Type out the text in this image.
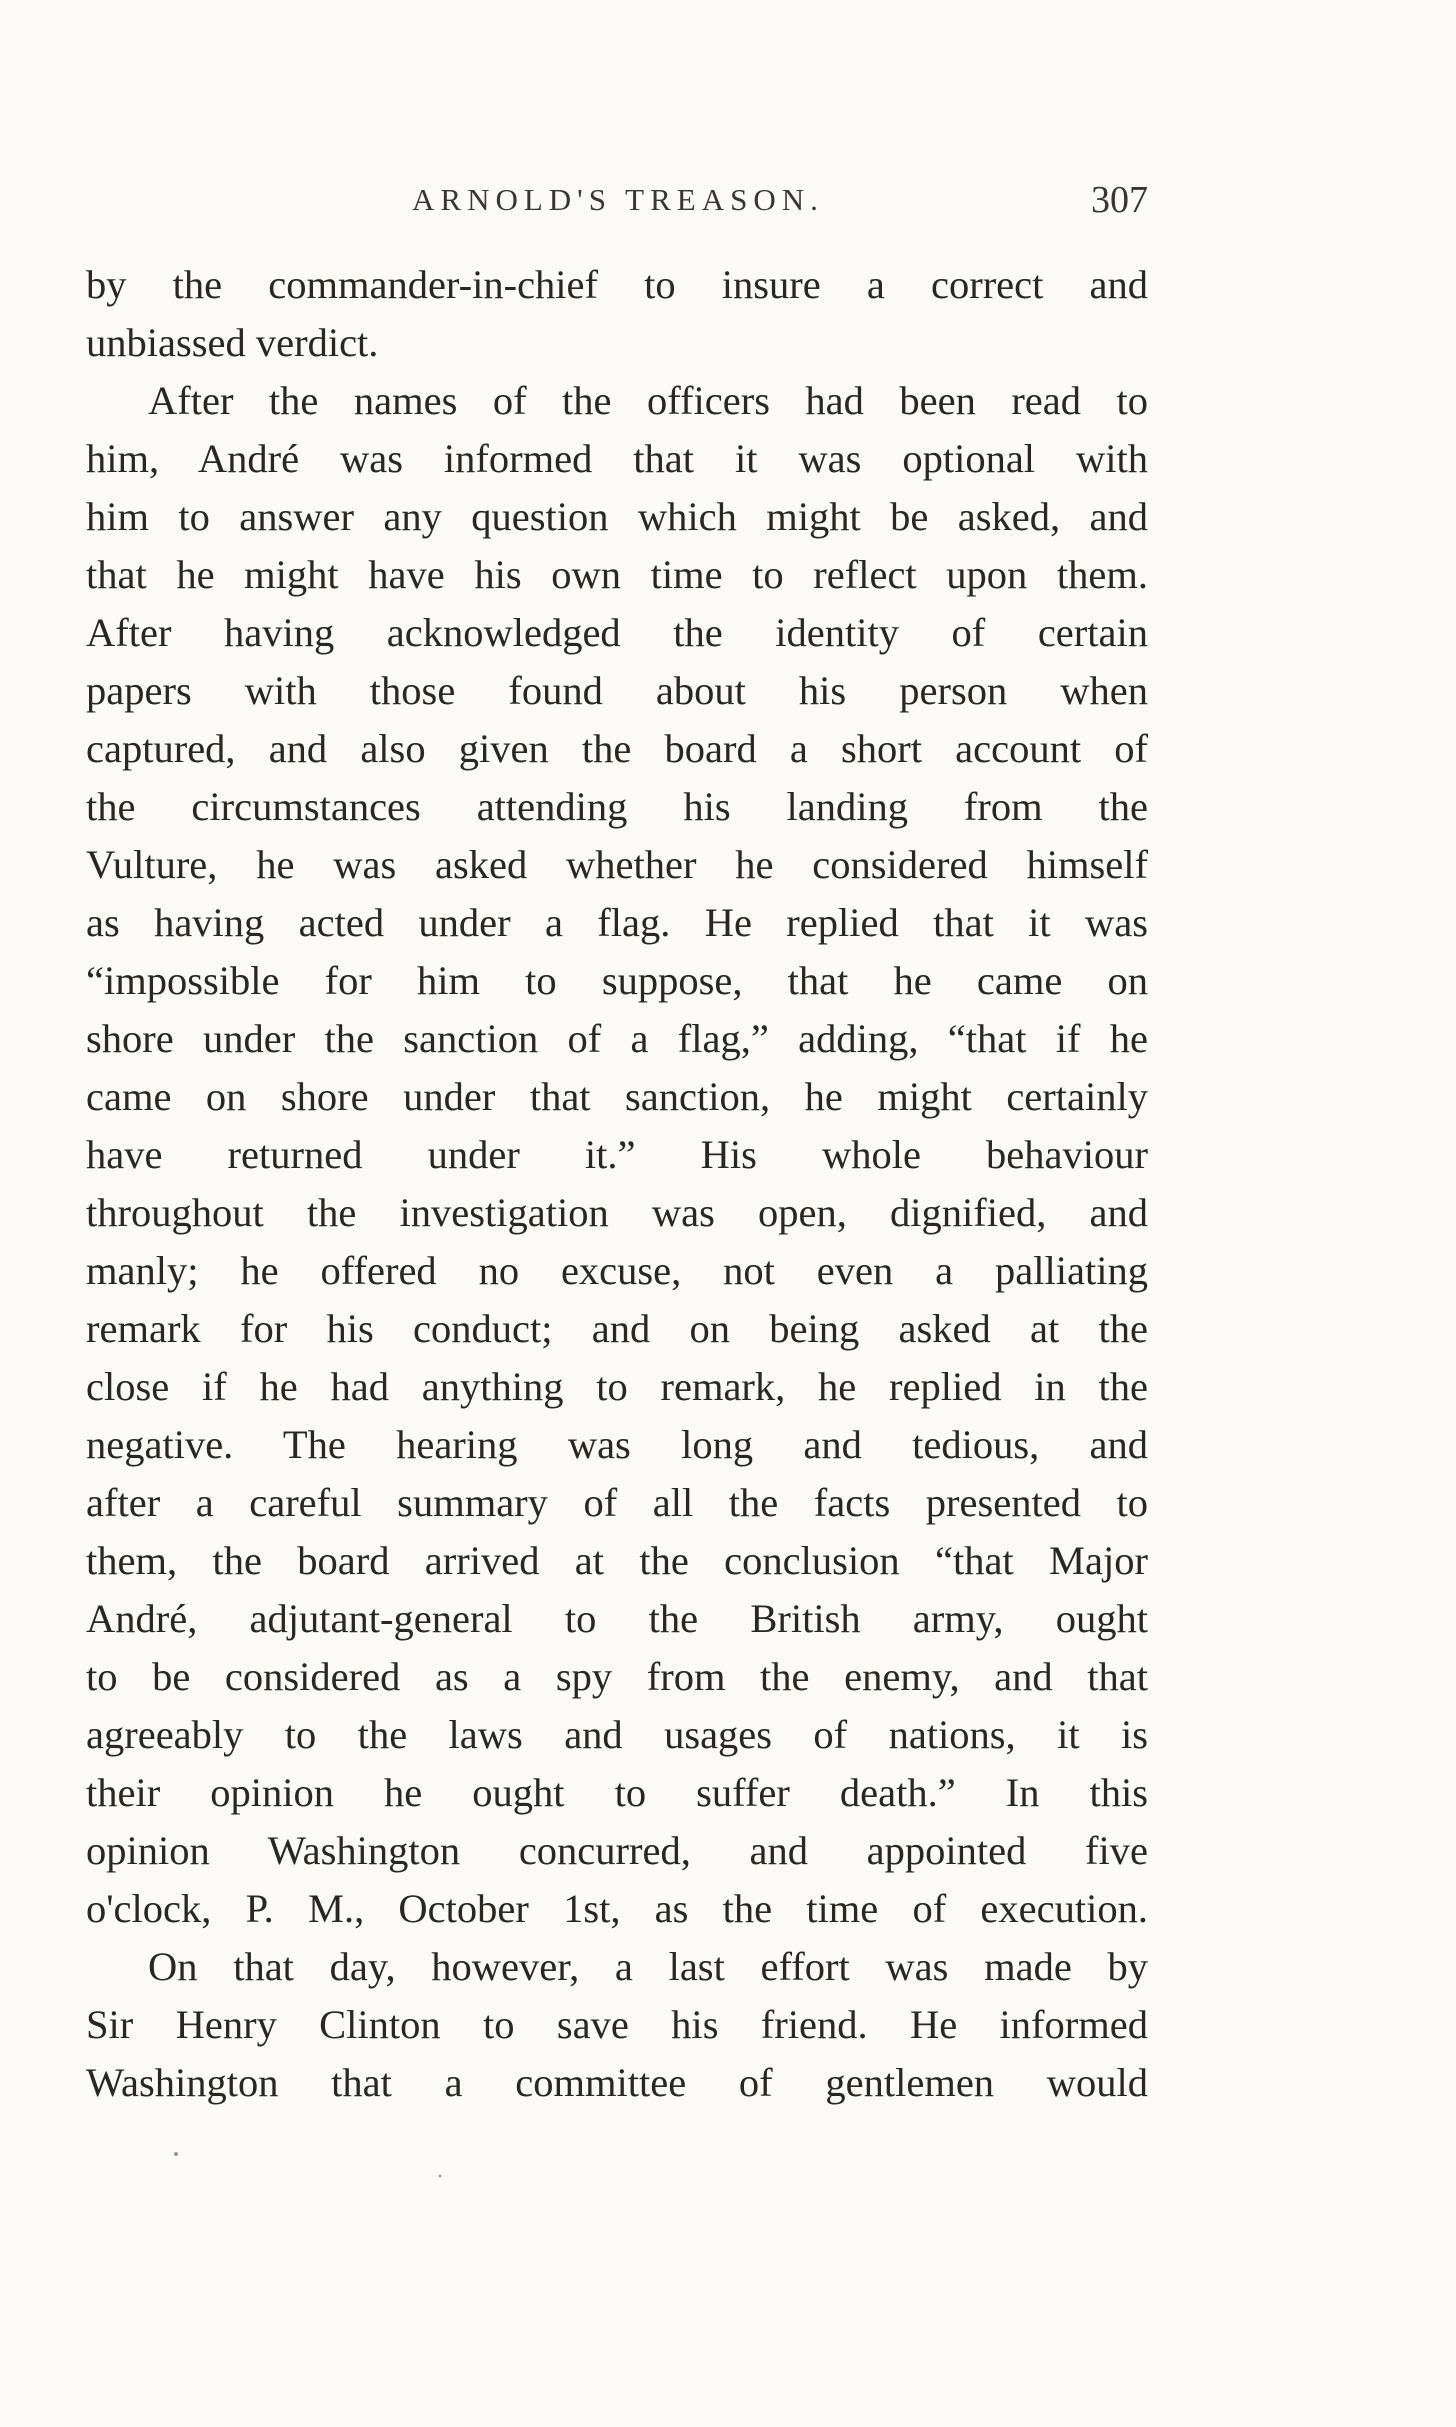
ARNOLD'S TREASON.	307
by the commander-in-chief to insure a correct and
unbiassed verdict.
After the names of the officers had been read to
him, André was informed that it was optional with
him to answer any question which might be asked, and
that he might have his own time to reflect upon them.
After having acknowledged the identity of certain
papers with those found about his person when
captured, and also given the board a short account of
the circumstances attending his landing from the
Vulture, he was asked whether he considered himself
as having acted under a flag. He replied that it was
“impossible for him to suppose, that he came on
shore under the sanction of a flag,” adding, “that if he
came on shore under that sanction, he might certainly
have returned under it.” His whole behaviour
throughout the investigation was open, dignified, and
manly; he offered no excuse, not even a palliating
remark for his conduct; and on being asked at the
close if he had anything to remark, he replied in the
negative. The hearing was long and tedious, and
after a careful summary of all the facts presented to
them, the board arrived at the conclusion “that Major
André, adjutant-general to the British army, ought
to be considered as a spy from the enemy, and that
agreeably to the laws and usages of nations, it is
their opinion he ought to suffer death.” In this
opinion Washington concurred, and appointed five
o'clock, P. M., October 1st, as the time of execution.
On that day, however, a last effort was made by
Sir Henry Clinton to save his friend. He informed
Washington that a committee of gentlemen would
